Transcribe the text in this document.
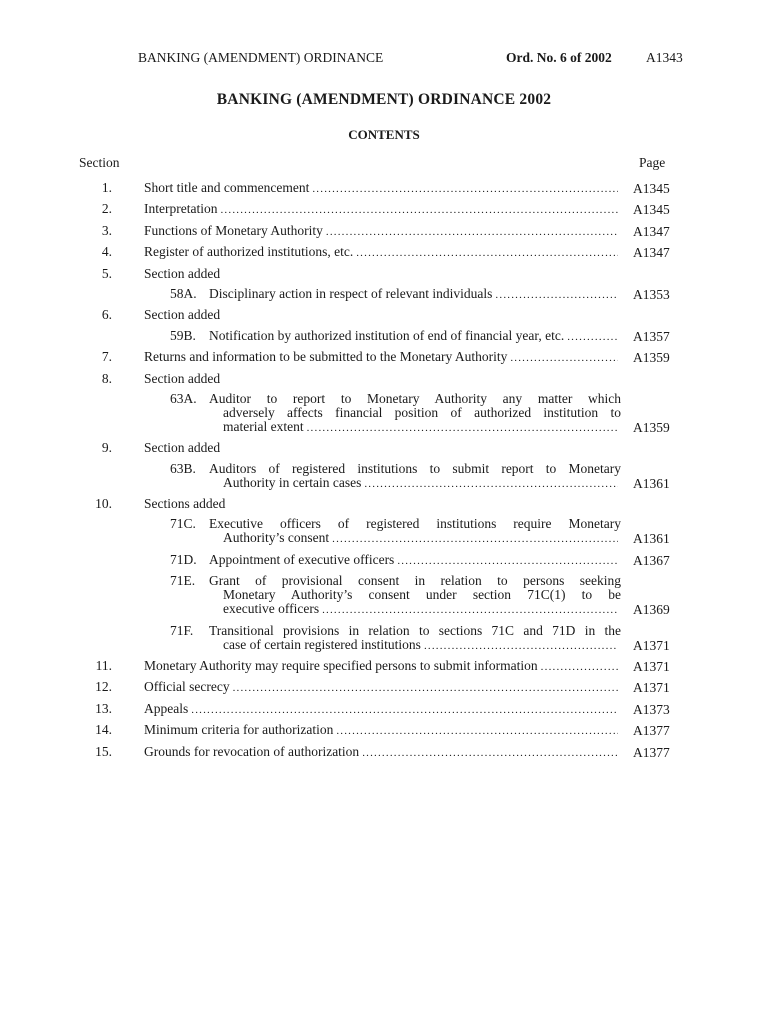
BANKING (AMENDMENT) ORDINANCE	Ord. No. 6 of 2002	A1343
BANKING (AMENDMENT) ORDINANCE 2002
CONTENTS
Section	Page
1. Short title and commencement .....	A1345
2. Interpretation .....	A1345
3. Functions of Monetary Authority .....	A1347
4. Register of authorized institutions, etc. .....	A1347
5. Section added
58A. Disciplinary action in respect of relevant individuals .....	A1353
6. Section added
59B. Notification by authorized institution of end of financial year, etc. .....	A1357
7. Returns and information to be submitted to the Monetary Authority .....	A1359
8. Section added
63A. Auditor to report to Monetary Authority any matter which
adversely affects financial position of authorized institution to
material extent .....	A1359
9. Section added
63B. Auditors of registered institutions to submit report to Monetary
Authority in certain cases .....	A1361
10. Sections added
71C. Executive officers of registered institutions require Monetary
Authority’s consent .....	A1361
71D. Appointment of executive officers .....	A1367
71E.	Grant of provisional consent in relation to persons seeking
Monetary Authority’s consent under section 71C(1) to be
executive officers .....	A1369
71F.	Transitional provisions in relation to sections 71C and 71D in the
case of certain registered institutions .....	A1371
11. Monetary Authority may require specified persons to submit information .....	A1371
12. Official secrecy .....	A1371
13. Appeals .....	A1373
14. Minimum criteria for authorization .....	A1377
15. Grounds for revocation of authorization .....	A1377
